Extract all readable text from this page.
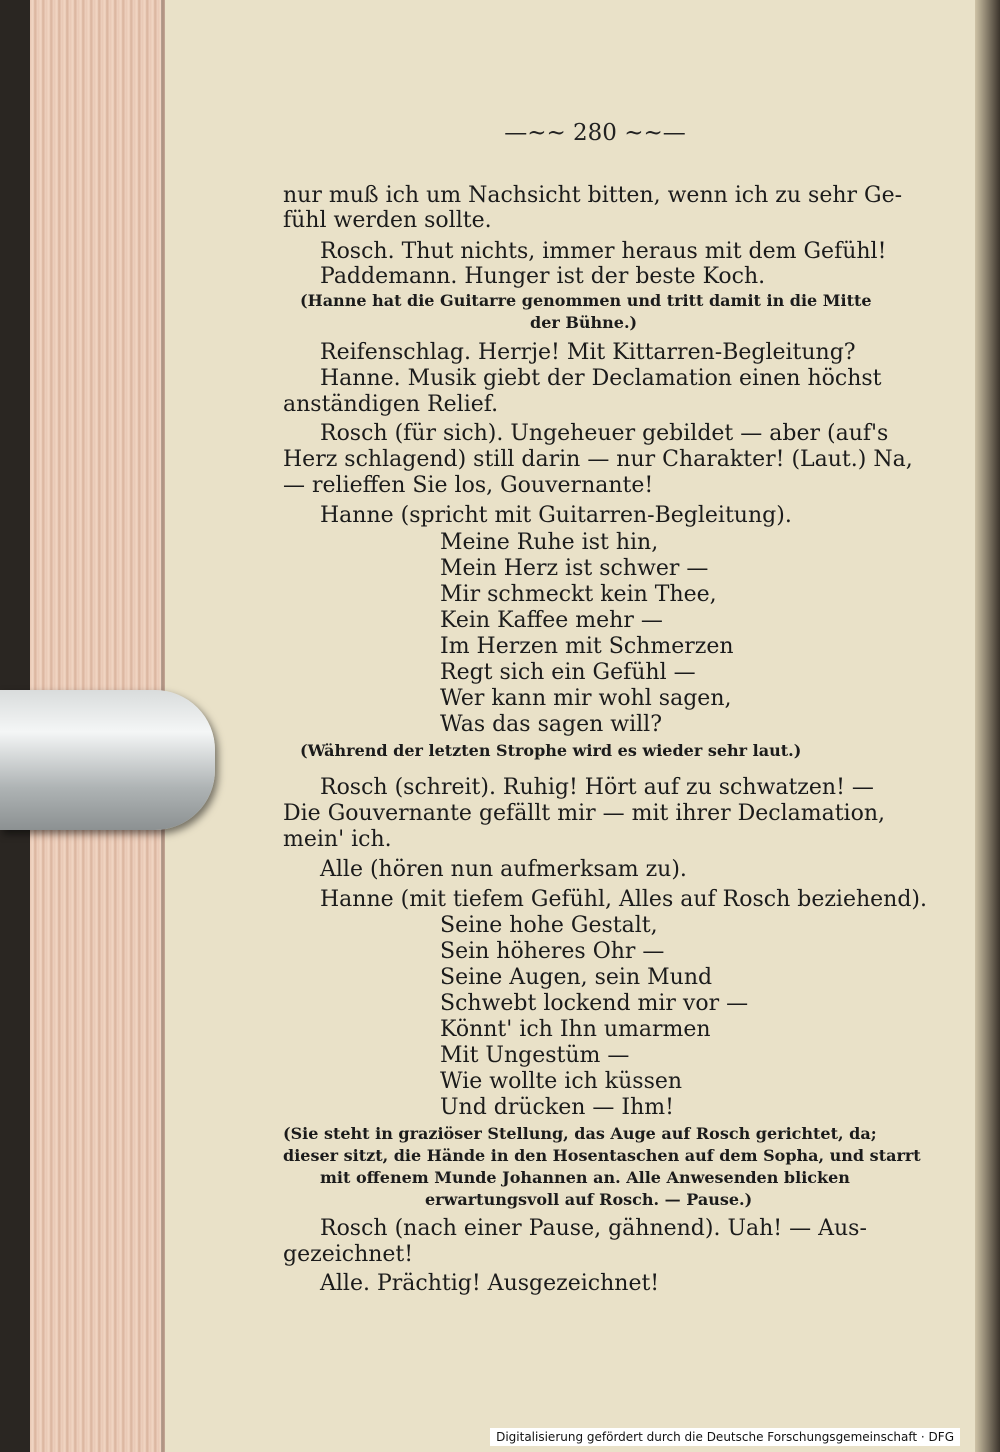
—~~ 280 ~~—
nur muß ich um Nachsicht bitten, wenn ich zu sehr Ge-
fühl werden sollte.
Rosch. Thut nichts, immer heraus mit dem Gefühl!
Paddemann. Hunger ist der beste Koch.
(Hanne hat die Guitarre genommen und tritt damit in die Mitte
der Bühne.)
Reifenschlag. Herrje! Mit Kittarren-Begleitung?
Hanne. Musik giebt der Declamation einen höchst
anständigen Relief.
Rosch (für sich). Ungeheuer gebildet — aber (auf's
Herz schlagend) still darin — nur Charakter! (Laut.) Na,
— relieffen Sie los, Gouvernante!
Hanne (spricht mit Guitarren-Begleitung).
Meine Ruhe ist hin,
Mein Herz ist schwer —
Mir schmeckt kein Thee,
Kein Kaffee mehr —
Im Herzen mit Schmerzen
Regt sich ein Gefühl —
Wer kann mir wohl sagen,
Was das sagen will?
(Während der letzten Strophe wird es wieder sehr laut.)
Rosch (schreit). Ruhig! Hört auf zu schwatzen! —
Die Gouvernante gefällt mir — mit ihrer Declamation,
mein' ich.
Alle (hören nun aufmerksam zu).
Hanne (mit tiefem Gefühl, Alles auf Rosch beziehend).
Seine hohe Gestalt,
Sein höheres Ohr —
Seine Augen, sein Mund
Schwebt lockend mir vor —
Könnt' ich Ihn umarmen
Mit Ungestüm —
Wie wollte ich küssen
Und drücken — Ihm!
(Sie steht in graziöser Stellung, das Auge auf Rosch gerichtet, da;
dieser sitzt, die Hände in den Hosentaschen auf dem Sopha, und starrt
mit offenem Munde Johannen an. Alle Anwesenden blicken
erwartungsvoll auf Rosch. — Pause.)
Rosch (nach einer Pause, gähnend). Uah! — Aus-
gezeichnet!
Alle. Prächtig! Ausgezeichnet!
Digitalisierung gefördert durch die Deutsche Forschungsgemeinschaft · DFG
